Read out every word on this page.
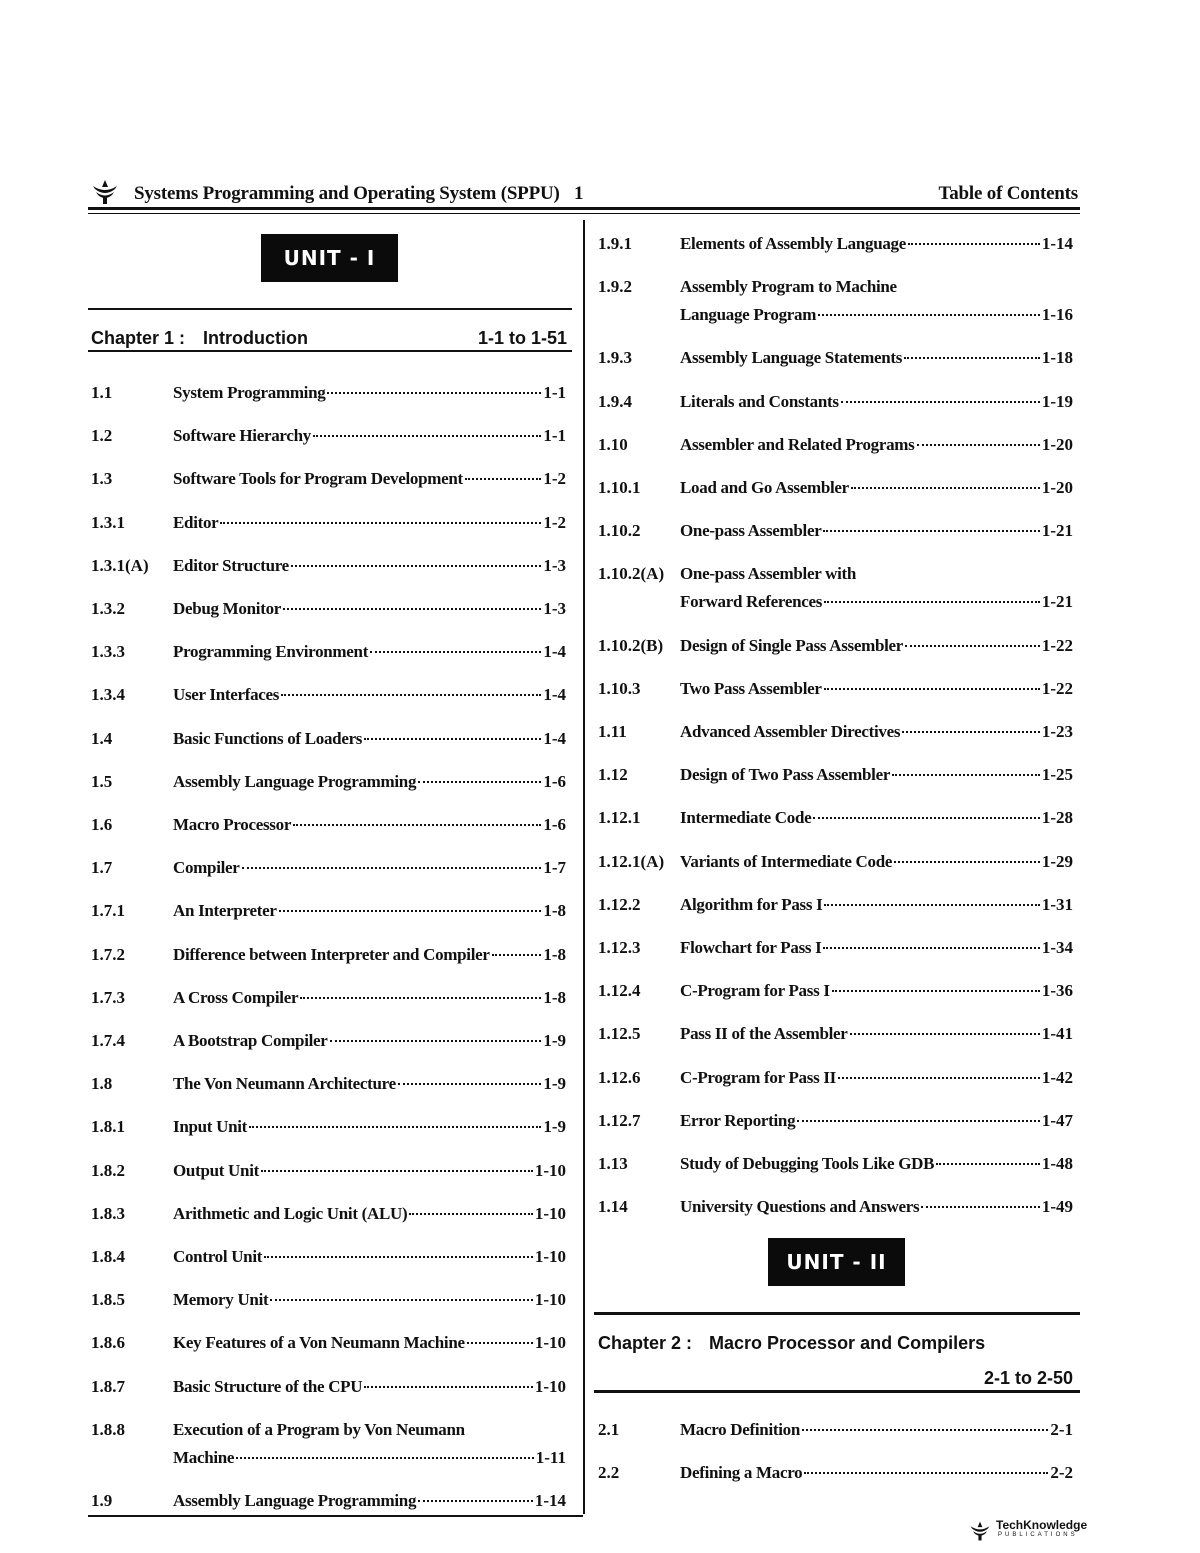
Systems Programming and Operating System (SPPU) 1	Table of Contents
UNIT - I
Chapter 1 : Introduction	1-1 to 1-51
1.1	System Programming	1-1
1.2	Software Hierarchy	1-1
1.3	Software Tools for Program Development	1-2
1.3.1	Editor	1-2
1.3.1(A) Editor Structure	1-3
1.3.2	Debug Monitor	1-3
1.3.3	Programming Environment	1-4
1.3.4	User Interfaces	1-4
1.4	Basic Functions of Loaders	1-4
1.5	Assembly Language Programming	1-6
1.6	Macro Processor	1-6
1.7	Compiler	1-7
1.7.1	An Interpreter	1-8
1.7.2	Difference between Interpreter and Compiler	1-8
1.7.3	A Cross Compiler	1-8
1.7.4	A Bootstrap Compiler	1-9
1.8	The Von Neumann Architecture	1-9
1.8.1	Input Unit	1-9
1.8.2	Output Unit	1-10
1.8.3	Arithmetic and Logic Unit (ALU)	1-10
1.8.4	Control Unit	1-10
1.8.5	Memory Unit	1-10
1.8.6	Key Features of a Von Neumann Machine	1-10
1.8.7	Basic Structure of the CPU	1-10
1.8.8	Execution of a Program by Von Neumann
Machine	1-11
1.9	Assembly Language Programming	1-14
1.9.1	Elements of Assembly Language	1-14
1.9.2	Assembly Program to Machine
Language Program	1-16
1.9.3	Assembly Language Statements	1-18
1.9.4	Literals and Constants	1-19
1.10	Assembler and Related Programs	1-20
1.10.1 Load and Go Assembler	1-20
1.10.2 One-pass Assembler	1-21
1.10.2(A) One-pass Assembler with
Forward References	1-21
1.10.2(B) Design of Single Pass Assembler	1-22
1.10.3 Two Pass Assembler	1-22
1.11	Advanced Assembler Directives	1-23
1.12	Design of Two Pass Assembler	1-25
1.12.1 Intermediate Code	1-28
1.12.1(A) Variants of Intermediate Code	1-29
1.12.2 Algorithm for Pass I	1-31
1.12.3 Flowchart for Pass I	1-34
1.12.4 C-Program for Pass I	1-36
1.12.5 Pass II of the Assembler	1-41
1.12.6 C-Program for Pass II	1-42
1.12.7 Error Reporting	1-47
1.13	Study of Debugging Tools Like GDB	1-48
1.14	University Questions and Answers	1-49
UNIT - II
Chapter 2 : Macro Processor and Compilers
2-1 to 2-50
2.1	Macro Definition	2-1
2.2	Defining a Macro	2-2
TechKnowledge
PUBLICATIONS
